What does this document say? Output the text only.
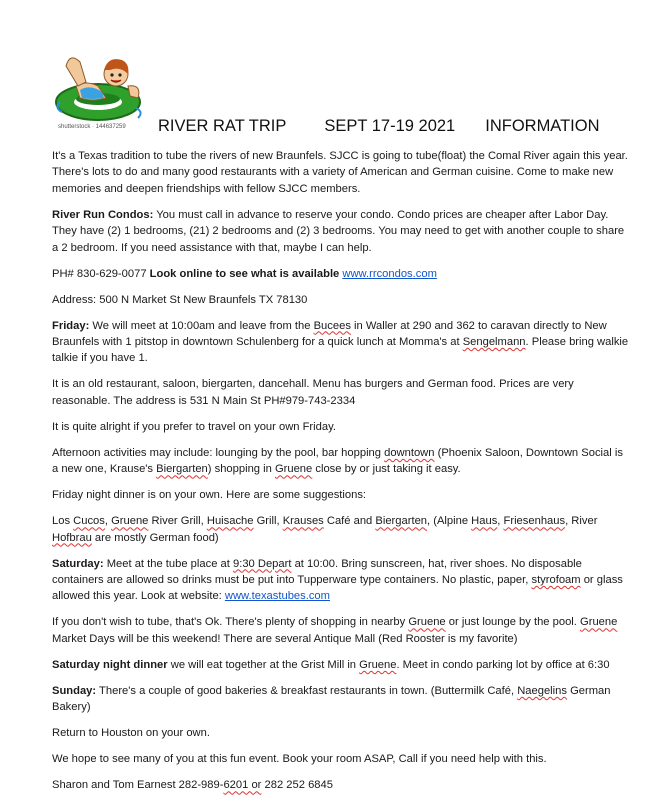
shutterstock · 144637259 RIVER RAT TRIP SEPT 17-19 2021 INFORMATION

It's a Texas tradition to tube the rivers of new Braunfels. SJCC is going to tube(float) the Comal River again this year. There's lots to do and many good restaurants with a variety of American and German cuisine. Come to make new memories and deepen friendships with fellow SJCC members.

River Run Condos: You must call in advance to reserve your condo. Condo prices are cheaper after Labor Day. They have (2) 1 bedrooms, (21) 2 bedrooms and (2) 3 bedrooms. You may need to get with another couple to share a 2 bedroom. If you need assistance with that, maybe I can help.

PH# 830-629-0077 Look online to see what is available www.rrcondos.com

Address: 500 N Market St New Braunfels TX 78130

Friday: We will meet at 10:00am and leave from the Bucees in Waller at 290 and 362 to caravan directly to New Braunfels with 1 pitstop in downtown Schulenberg for a quick lunch at Momma's at Sengelmann. Please bring walkie talkie if you have 1.

It is an old restaurant, saloon, biergarten, dancehall. Menu has burgers and German food. Prices are very reasonable. The address is 531 N Main St PH#979-743-2334

It is quite alright if you prefer to travel on your own Friday.

Afternoon activities may include: lounging by the pool, bar hopping downtown (Phoenix Saloon, Downtown Social is a new one, Krause's Biergarten) shopping in Gruene close by or just taking it easy.

Friday night dinner is on your own. Here are some suggestions:

Los Cucos, Gruene River Grill, Huisache Grill, Krauses Café and Biergarten, (Alpine Haus, Friesenhaus, River Hofbrau are mostly German food)

Saturday: Meet at the tube place at 9:30 Depart at 10:00. Bring sunscreen, hat, river shoes. No disposable containers are allowed so drinks must be put into Tupperware type containers. No plastic, paper, styrofoam or glass allowed this year. Look at website: www.texastubes.com

If you don't wish to tube, that's Ok. There's plenty of shopping in nearby Gruene or just lounge by the pool. Gruene Market Days will be this weekend! There are several Antique Mall (Red Rooster is my favorite)

Saturday night dinner we will eat together at the Grist Mill in Gruene. Meet in condo parking lot by office at 6:30

Sunday: There's a couple of good bakeries & breakfast restaurants in town. (Buttermilk Café, Naegelins German Bakery)

Return to Houston on your own.

We hope to see many of you at this fun event. Book your room ASAP, Call if you need help with this.

Sharon and Tom Earnest 282-989-6201 or 282 252 6845
